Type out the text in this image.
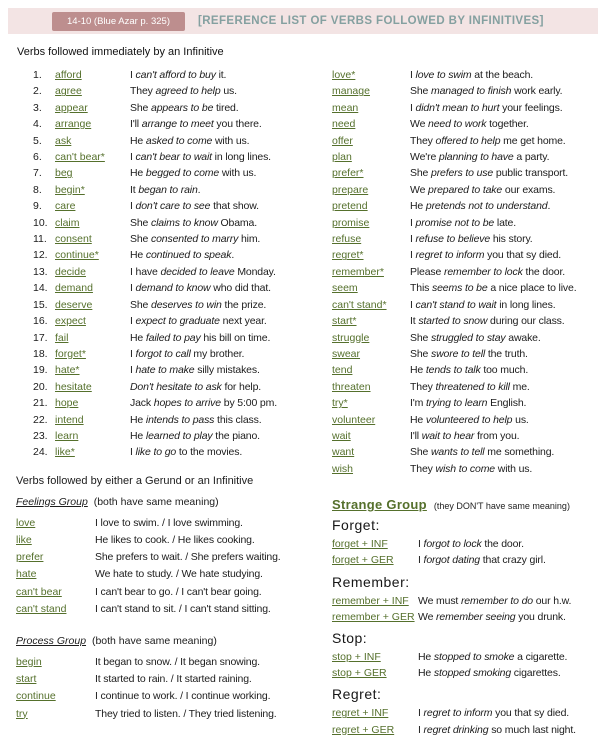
14-10 (Blue Azar p. 325)	[REFERENCE LIST OF VERBS FOLLOWED BY INFINITIVES]
Verbs followed immediately by an Infinitive
1.	afford	I can't afford to buy it.
2.	agree	They agreed to help us.
3.	appear	She appears to be tired.
4.	arrange	I'll arrange to meet you there.
5.	ask	He asked to come with us.
6.	can't bear*	I can't bear to wait in long lines.
7.	beg	He begged to come with us.
8.	begin*	It began to rain.
9.	care	I don't care to see that show.
10. claim	She claims to know Obama.
11. consent	She consented to marry him.
12. continue*	He continued to speak.
13. decide	I have decided to leave Monday.
14. demand	I demand to know who did that.
15. deserve	She deserves to win the prize.
16. expect	I expect to graduate next year.
17. fail	He failed to pay his bill on time.
18. forget*	I forgot to call my brother.
19. hate*	I hate to make silly mistakes.
20. hesitate	Don't hesitate to ask for help.
21. hope	Jack hopes to arrive by 5:00 pm.
22. intend	He intends to pass this class.
23. learn	He learned to play the piano.
24. like*	I like to go to the movies.
Verbs followed by either a Gerund or an Infinitive
Feelings Group (both have same meaning)
love	I love to swim. / I love swimming.
like	He likes to cook. / He likes cooking.
prefer	She prefers to wait. / She prefers waiting.
hate	We hate to study. / We hate studying.
can't bear	I can't bear to go. / I can't bear going.
can't stand	I can't stand to sit. / I can't stand sitting.
Process Group (both have same meaning)
begin	It began to snow. / It began snowing.
start	It started to rain. / It started raining.
continue	I continue to work. / I continue working.
try	They tried to listen. / They tried listening.
love*	I love to swim at the beach.
manage	She managed to finish work early.
mean	I didn't mean to hurt your feelings.
need	We need to work together.
offer	They offered to help me get home.
plan	We're planning to have a party.
prefer*	She prefers to use public transport.
prepare	We prepared to take our exams.
pretend	He pretends not to understand.
promise	I promise not to be late.
refuse	I refuse to believe his story.
regret*	I regret to inform you that sy died.
remember*	Please remember to lock the door.
seem	This seems to be a nice place to live.
can't stand*	I can't stand to wait in long lines.
start*	It started to snow during our class.
struggle	She struggled to stay awake.
swear	She swore to tell the truth.
tend	He tends to talk too much.
threaten	They threatened to kill me.
try*	I'm trying to learn English.
volunteer	He volunteered to help us.
wait	I'll wait to hear from you.
want	She wants to tell me something.
wish	They wish to come with us.
Strange Group (they DON'T have same meaning)
Forget:
forget + INF	I forgot to lock the door.
forget + GER	I forgot dating that crazy girl.
Remember:
remember + INF We must remember to do our h.w.
remember + GER We remember seeing you drunk.
Stop:
stop + INF	He stopped to smoke a cigarette.
stop + GER	He stopped smoking cigarettes.
Regret:
regret + INF	I regret to inform you that sy died.
regret + GER	I regret drinking so much last night.
